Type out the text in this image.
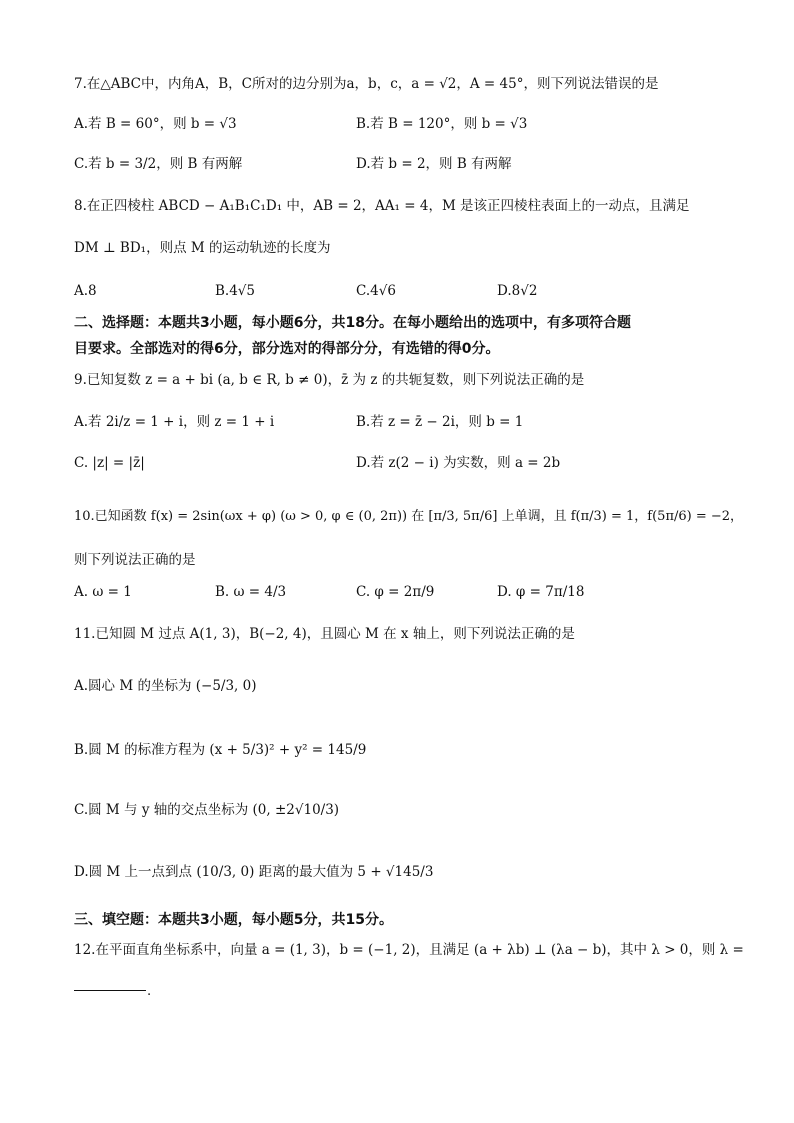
7.在△ABC中，内角A，B，C所对的边分别为a，b，c，a = √2，A = 45°，则下列说法错误的是
A.若 B = 60°，则 b = √3	B.若 B = 120°，则 b = √3
C.若 b = 3/2，则 B 有两解	D.若 b = 2，则 B 有两解
8.在正四棱柱 ABCD − A₁B₁C₁D₁ 中，AB = 2，AA₁ = 4，M 是该正四棱柱表面上的一动点，且满足
DM ⊥ BD₁，则点 M 的运动轨迹的长度为
A.8	B.4√5	C.4√6	D.8√2
二、选择题：本题共3小题，每小题6分，共18分。在每小题给出的选项中，有多项符合题
目要求。全部选对的得6分，部分选对的得部分分，有选错的得0分。
9.已知复数 z = a + bi (a, b ∈ R, b ≠ 0)，z̄ 为 z 的共轭复数，则下列说法正确的是
A.若 2i/z = 1 + i，则 z = 1 + i	B.若 z = z̄ − 2i，则 b = 1
C. |z| = |z̄|	D.若 z(2 − i) 为实数，则 a = 2b
10.已知函数 f(x) = 2sin(ωx + φ) (ω > 0, φ ∈ (0, 2π)) 在 [π/3, 5π/6] 上单调，且 f(π/3) = 1，f(5π/6) = −2，
则下列说法正确的是
A. ω = 1	B. ω = 4/3	C. φ = 2π/9	D. φ = 7π/18
11.已知圆 M 过点 A(1, 3)，B(−2, 4)，且圆心 M 在 x 轴上，则下列说法正确的是
A.圆心 M 的坐标为 (−5/3, 0)
B.圆 M 的标准方程为 (x + 5/3)² + y² = 145/9
C.圆 M 与 y 轴的交点坐标为 (0, ±2√10/3)
D.圆 M 上一点到点 (10/3, 0) 距离的最大值为 5 + √145/3
三、填空题：本题共3小题，每小题5分，共15分。
12.在平面直角坐标系中，向量 a = (1, 3)，b = (−1, 2)，且满足 (a + λb) ⊥ (λa − b)，其中 λ > 0，则 λ =
.
